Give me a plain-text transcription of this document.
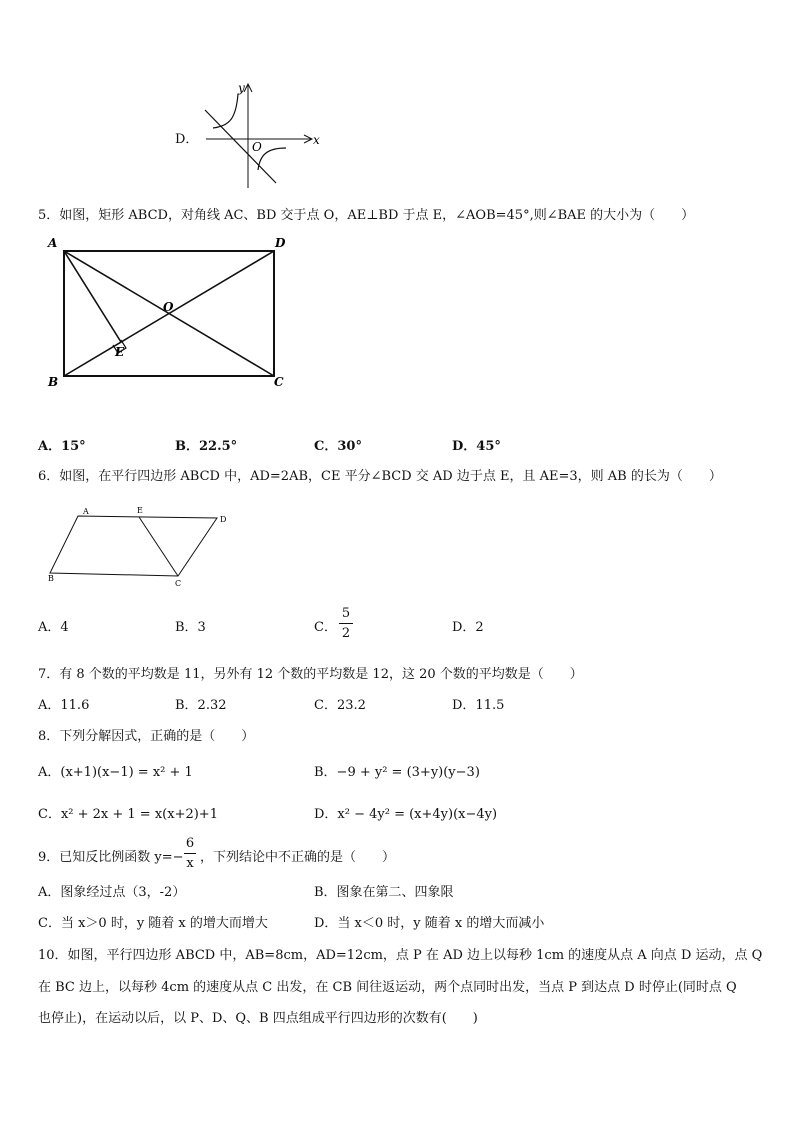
D．	x
y
O
5．如图，矩形 ABCD，对角线 AC、BD 交于点 O，AE⊥BD 于点 E，∠AOB=45°,则∠BAE 的大小为（　　）
A	D
B	C
O
E
A．15°	B．22.5°	C．30°	D．45°
6．如图，在平行四边形 ABCD 中，AD=2AB，CE 平分∠BCD 交 AD 边于点 E，且 AE=3，则 AB 的长为（　　）
A	E
D
B
C
A．4	B．3	C．
5
2	D．2
7．有 8 个数的平均数是 11，另外有 12 个数的平均数是 12，这 20 个数的平均数是（　　）
A．11.6	B．2.32	C．23.2	D．11.5
8．下列分解因式，正确的是（　　）
A．(x+1)(x−1) = x² + 1	B．−9 + y² = (3+y)(y−3)
C．x² + 2x + 1 = x(x+2)+1	D．x² − 4y² = (x+4y)(x−4y)
9．已知反比例函数 y=−
6
x ，下列结论中不正确的是（　　）
A．图象经过点（3，-2）	B．图象在第二、四象限
C．当 x＞0 时，y 随着 x 的增大而增大	D．当 x＜0 时，y 随着 x 的增大而减小
10．如图，平行四边形 ABCD 中，AB=8cm，AD=12cm，点 P 在 AD 边上以每秒 1cm 的速度从点 A 向点 D 运动，点 Q
在 BC 边上，以每秒 4cm 的速度从点 C 出发，在 CB 间往返运动，两个点同时出发，当点 P 到达点 D 时停止(同时点 Q
也停止)，在运动以后，以 P、D、Q、B 四点组成平行四边形的次数有(　　)
